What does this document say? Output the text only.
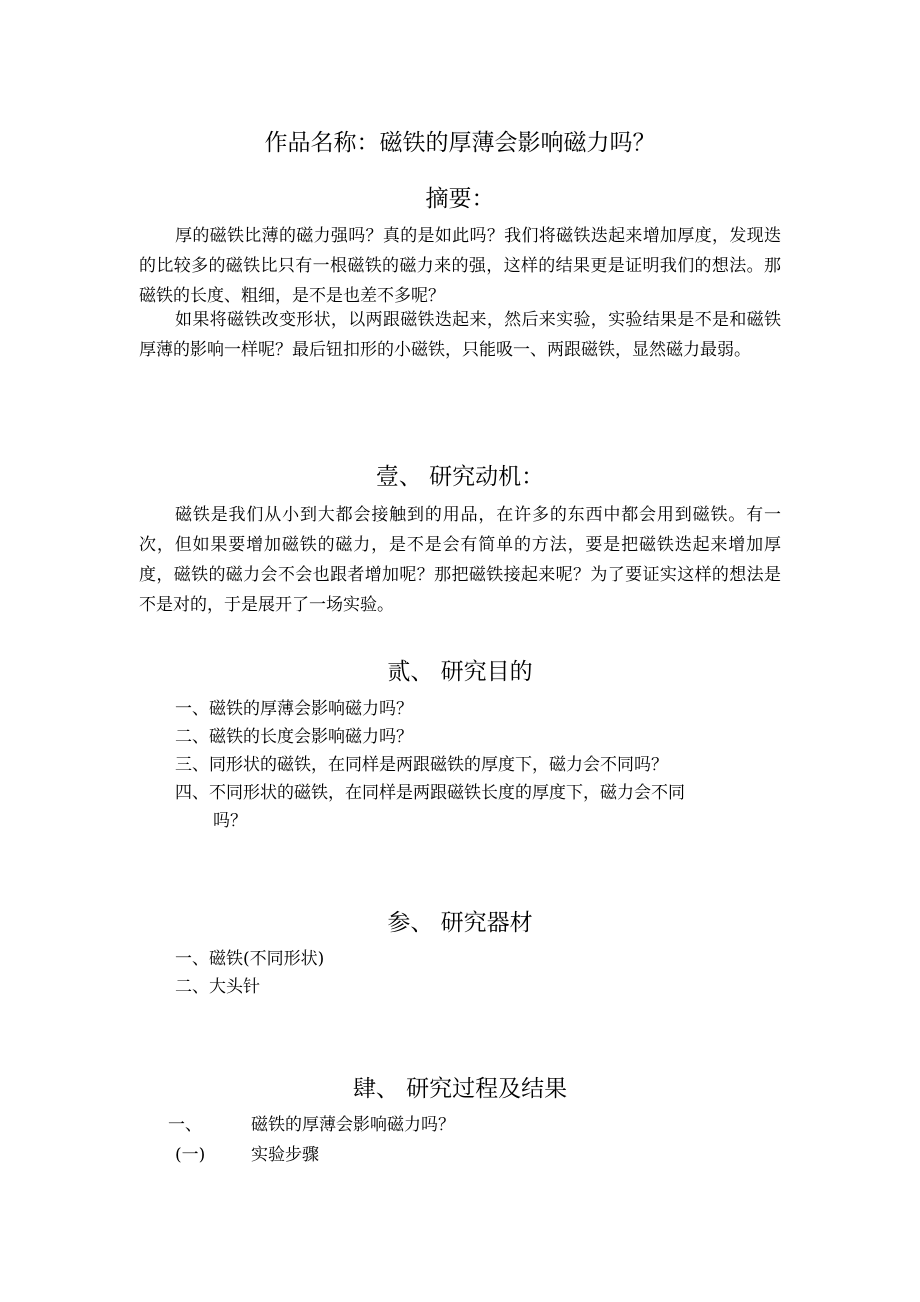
作品名称：磁铁的厚薄会影响磁力吗？
摘要：
厚的磁铁比薄的磁力强吗？真的是如此吗？我们将磁铁迭起来增加厚度，发现迭的比较多的磁铁比只有一根磁铁的磁力来的强，这样的结果更是证明我们的想法。那磁铁的长度、粗细，是不是也差不多呢？
如果将磁铁改变形状，以两跟磁铁迭起来，然后来实验，实验结果是不是和磁铁厚薄的影响一样呢？最后钮扣形的小磁铁，只能吸一、两跟磁铁，显然磁力最弱。
壹、 研究动机：
磁铁是我们从小到大都会接触到的用品，在许多的东西中都会用到磁铁。有一次，但如果要增加磁铁的磁力，是不是会有简单的方法，要是把磁铁迭起来增加厚度，磁铁的磁力会不会也跟者增加呢？那把磁铁接起来呢？为了要证实这样的想法是不是对的，于是展开了一场实验。
贰、 研究目的
一、磁铁的厚薄会影响磁力吗？
二、磁铁的长度会影响磁力吗？
三、同形状的磁铁，在同样是两跟磁铁的厚度下，磁力会不同吗？
四、不同形状的磁铁，在同样是两跟磁铁长度的厚度下，磁力会不同
吗？
参、 研究器材
一、磁铁(不同形状)
二、大头针
肆、 研究过程及结果
一、	磁铁的厚薄会影响磁力吗？
(一)	实验步骤
